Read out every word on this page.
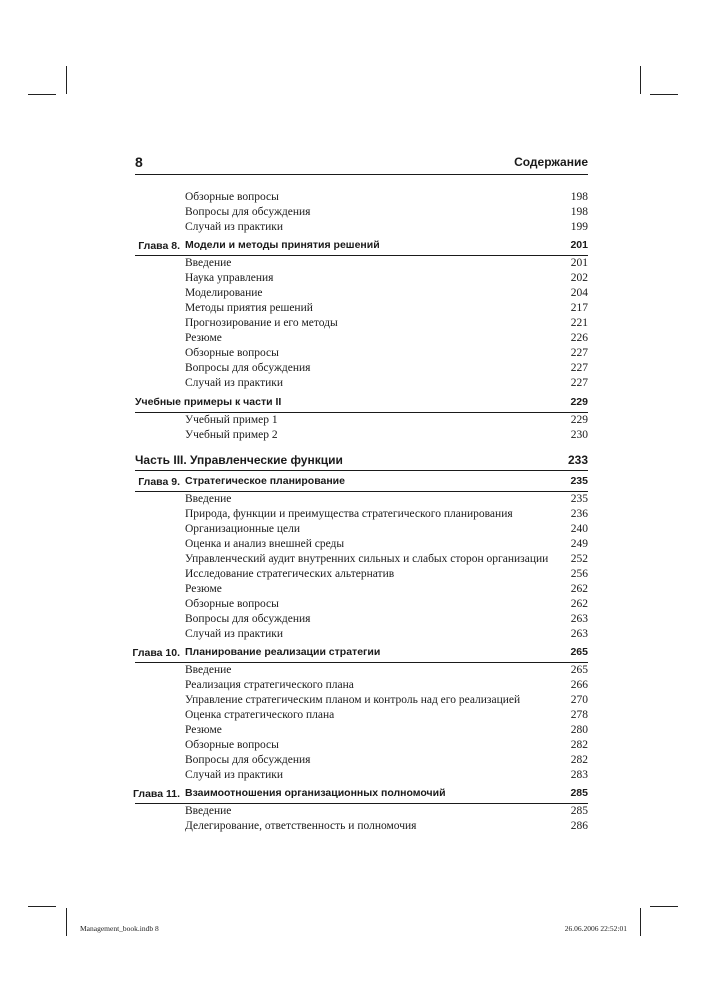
8	Содержание
Обзорные вопросы	198
Вопросы для обсуждения	198
Случай из практики	199
Глава 8. Модели и методы принятия решений	201
Введение	201
Наука управления	202
Моделирование	204
Методы приятия решений	217
Прогнозирование и его методы	221
Резюме	226
Обзорные вопросы	227
Вопросы для обсуждения	227
Случай из практики	227
Учебные примеры к части II	229
Учебный пример 1	229
Учебный пример 2	230
Часть III. Управленческие функции	233
Глава 9. Стратегическое планирование	235
Введение	235
Природа, функции и преимущества стратегического планирования	236
Организационные цели	240
Оценка и анализ внешней среды	249
Управленческий аудит внутренних сильных и слабых сторон организации 252
Исследование стратегических альтернатив	256
Резюме	262
Обзорные вопросы	262
Вопросы для обсуждения	263
Случай из практики	263
Глава 10. Планирование реализации стратегии	265
Введение	265
Реализация стратегического плана	266
Управление стратегическим планом и контроль над его реализацией	270
Оценка стратегического плана	278
Резюме	280
Обзорные вопросы	282
Вопросы для обсуждения	282
Случай из практики	283
Глава 11. Взаимоотношения организационных полномочий	285
Введение	285
Делегирование, ответственность и полномочия	286
Management_book.indb 8	26.06.2006 22:52:01
